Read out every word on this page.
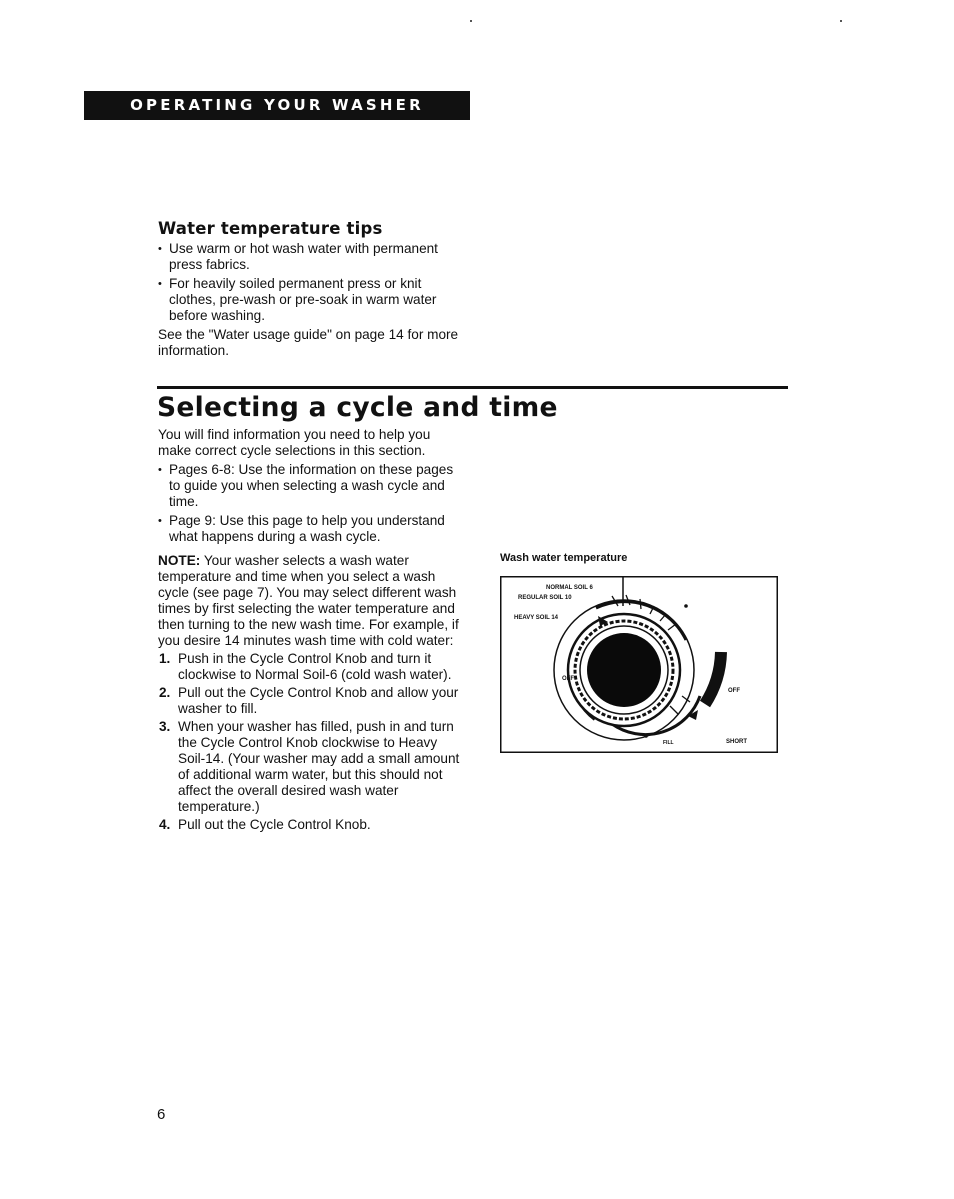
OPERATING YOUR WASHER
Water temperature tips
• Use warm or hot wash water with permanent press fabrics.
• For heavily soiled permanent press or knit clothes, pre-wash or pre-soak in warm water before washing.

See the "Water usage guide" on page 14 for more information.

Selecting a cycle and time

You will find information you need to help you make correct cycle selections in this section.

• Pages 6-8: Use the information on these pages to guide you when selecting a wash cycle and time.
• Page 9: Use this page to help you understand what happens during a wash cycle.

NOTE: Your washer selects a wash water temperature and time when you select a wash cycle (see page 7). You may select different wash times by first selecting the water temperature and then turning to the new wash time. For example, if you desire 14 minutes wash time with cold water:

1. Push in the Cycle Control Knob and turn it clockwise to Normal Soil-6 (cold wash water).
2. Pull out the Cycle Control Knob and allow your washer to fill.
3. When your washer has filled, push in and turn the Cycle Control Knob clockwise to Heavy Soil-14. (Your washer may add a small amount of additional warm water, but this should not affect the overall desired wash water temperature.)
4. Pull out the Cycle Control Knob.
Wash water temperature
NORMAL SOIL 6
REGULAR SOIL 10
HEAVY SOIL 14
OFF
OFF
SHORT
FILL
6
